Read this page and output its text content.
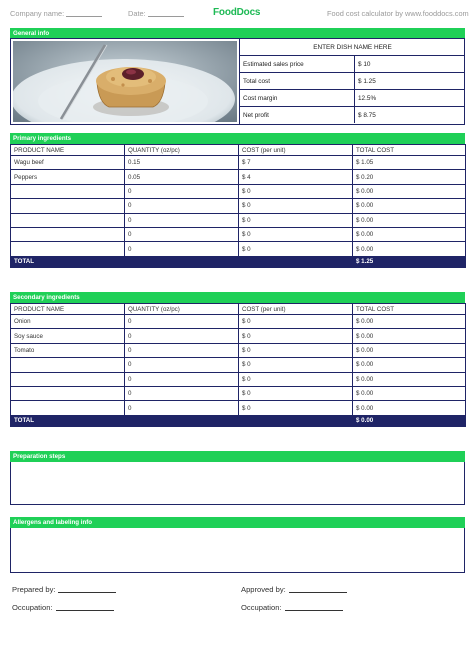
Company name:	Date:	FoodDocs	Food cost calculator by www.fooddocs.com
General info
ENTER DISH NAME HERE
Estimated sales price	$ 10
Total cost	$ 1.25
Cost margin	12.5%
Net profit	$ 8.75
Primary ingredients
PRODUCT NAME	QUANTITY (oz/pc)	COST (per unit)	TOTAL COST
Wagu beef	0.15	$ 7	$ 1.05
Peppers	0.05	$ 4	$ 0.20
	0	$ 0	$ 0.00
	0	$ 0	$ 0.00
	0	$ 0	$ 0.00
	0	$ 0	$ 0.00
	0	$ 0	$ 0.00
TOTAL			$ 1.25
Secondary ingredients
PRODUCT NAME	QUANTITY (oz/pc)	COST (per unit)	TOTAL COST
Onion	0	$ 0	$ 0.00
Soy sauce	0	$ 0	$ 0.00
Tomato	0	$ 0	$ 0.00
	0	$ 0	$ 0.00
	0	$ 0	$ 0.00
	0	$ 0	$ 0.00
	0	$ 0	$ 0.00
TOTAL			$ 0.00
Preparation steps
Allergens and labeling info
Prepared by:	Approved by:
Occupation:	Occupation:
